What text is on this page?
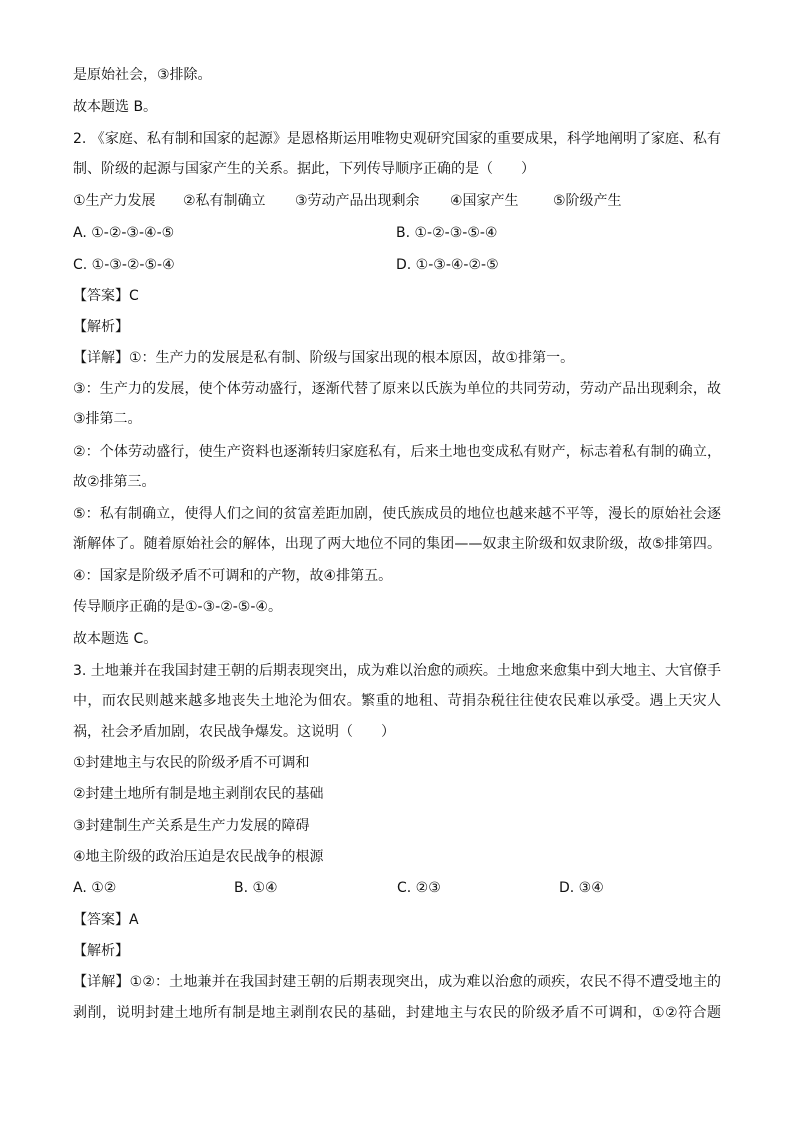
是原始社会，③排除。
故本题选 B。
2. 《家庭、私有制和国家的起源》是恩格斯运用唯物史观研究国家的重要成果，科学地阐明了家庭、私有
制、阶级的起源与国家产生的关系。据此，下列传导顺序正确的是（　　）
①生产力发展 ②私有制确立 ③劳动产品出现剩余 ④国家产生 ⑤阶级产生
A. ①-②-③-④-⑤	B. ①-②-③-⑤-④
C. ①-③-②-⑤-④	D. ①-③-④-②-⑤
【答案】C
【解析】
【详解】①：生产力的发展是私有制、阶级与国家出现的根本原因，故①排第一。
③：生产力的发展，使个体劳动盛行，逐渐代替了原来以氏族为单位的共同劳动，劳动产品出现剩余，故
③排第二。
②：个体劳动盛行，使生产资料也逐渐转归家庭私有，后来土地也变成私有财产，标志着私有制的确立，
故②排第三。
⑤：私有制确立，使得人们之间的贫富差距加剧，使氏族成员的地位也越来越不平等，漫长的原始社会逐
渐解体了。随着原始社会的解体，出现了两大地位不同的集团——奴隶主阶级和奴隶阶级，故⑤排第四。
④：国家是阶级矛盾不可调和的产物，故④排第五。
传导顺序正确的是①-③-②-⑤-④。
故本题选 C。
3. 土地兼并在我国封建王朝的后期表现突出，成为难以治愈的顽疾。土地愈来愈集中到大地主、大官僚手
中，而农民则越来越多地丧失土地沦为佃农。繁重的地租、苛捐杂税往往使农民难以承受。遇上天灾人
祸，社会矛盾加剧，农民战争爆发。这说明（　　）
①封建地主与农民的阶级矛盾不可调和
②封建土地所有制是地主剥削农民的基础
③封建制生产关系是生产力发展的障碍
④地主阶级的政治压迫是农民战争的根源
A. ①②	B. ①④	C. ②③	D. ③④
【答案】A
【解析】
【详解】①②：土地兼并在我国封建王朝的后期表现突出，成为难以治愈的顽疾，农民不得不遭受地主的
剥削，说明封建土地所有制是地主剥削农民的基础，封建地主与农民的阶级矛盾不可调和，①②符合题
